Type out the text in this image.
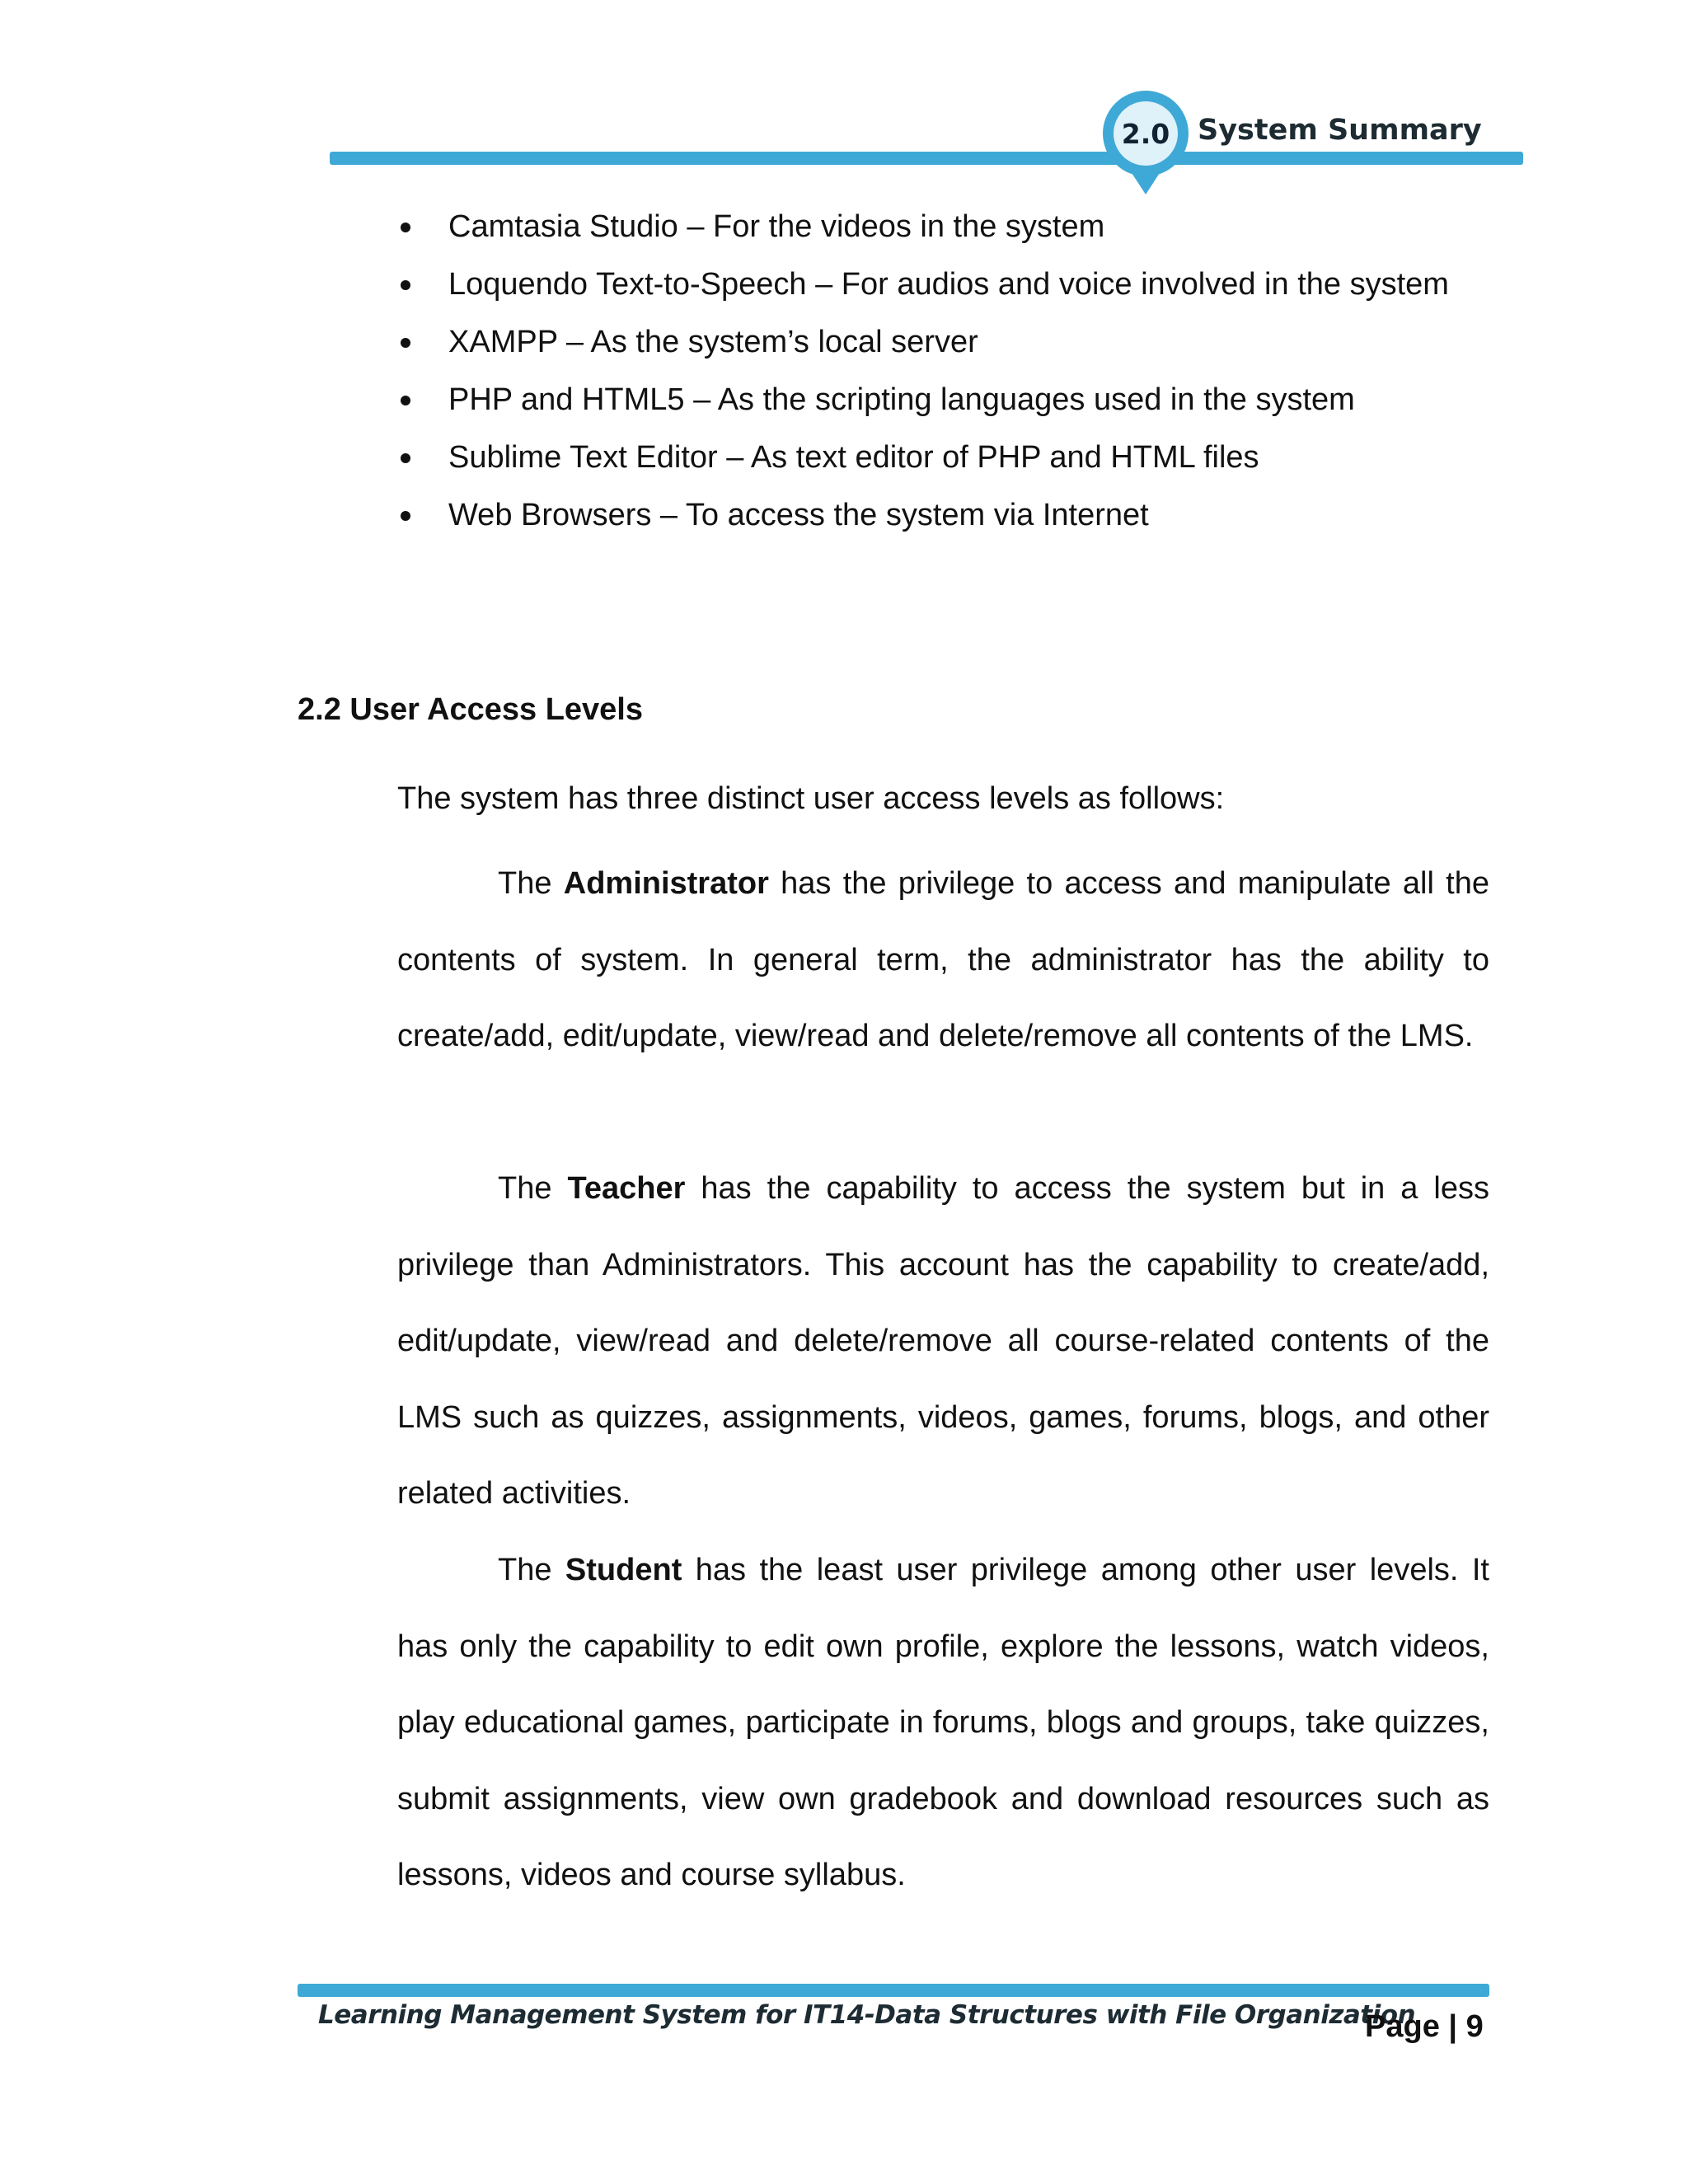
2.0 System Summary
Camtasia Studio – For the videos in the system
Loquendo Text-to-Speech – For audios and voice involved in the system
XAMPP – As the system’s local server
PHP and HTML5 – As the scripting languages used in the system
Sublime Text Editor – As text editor of PHP and HTML files
Web Browsers – To access the system via Internet
2.2 User Access Levels
The system has three distinct user access levels as follows:

The Administrator has the privilege to access and manipulate all the contents of system. In general term, the administrator has the ability to create/add, edit/update, view/read and delete/remove all contents of the LMS.

The Teacher has the capability to access the system but in a less privilege than Administrators. This account has the capability to create/add, edit/update, view/read and delete/remove all course-related contents of the LMS such as quizzes, assignments, videos, games, forums, blogs, and other related activities.

The Student has the least user privilege among other user levels. It has only the capability to edit own profile, explore the lessons, watch videos, play educational games, participate in forums, blogs and groups, take quizzes, submit assignments, view own gradebook and download resources such as lessons, videos and course syllabus.

Learning Management System for IT14-Data Structures with File Organization
Page | 9
